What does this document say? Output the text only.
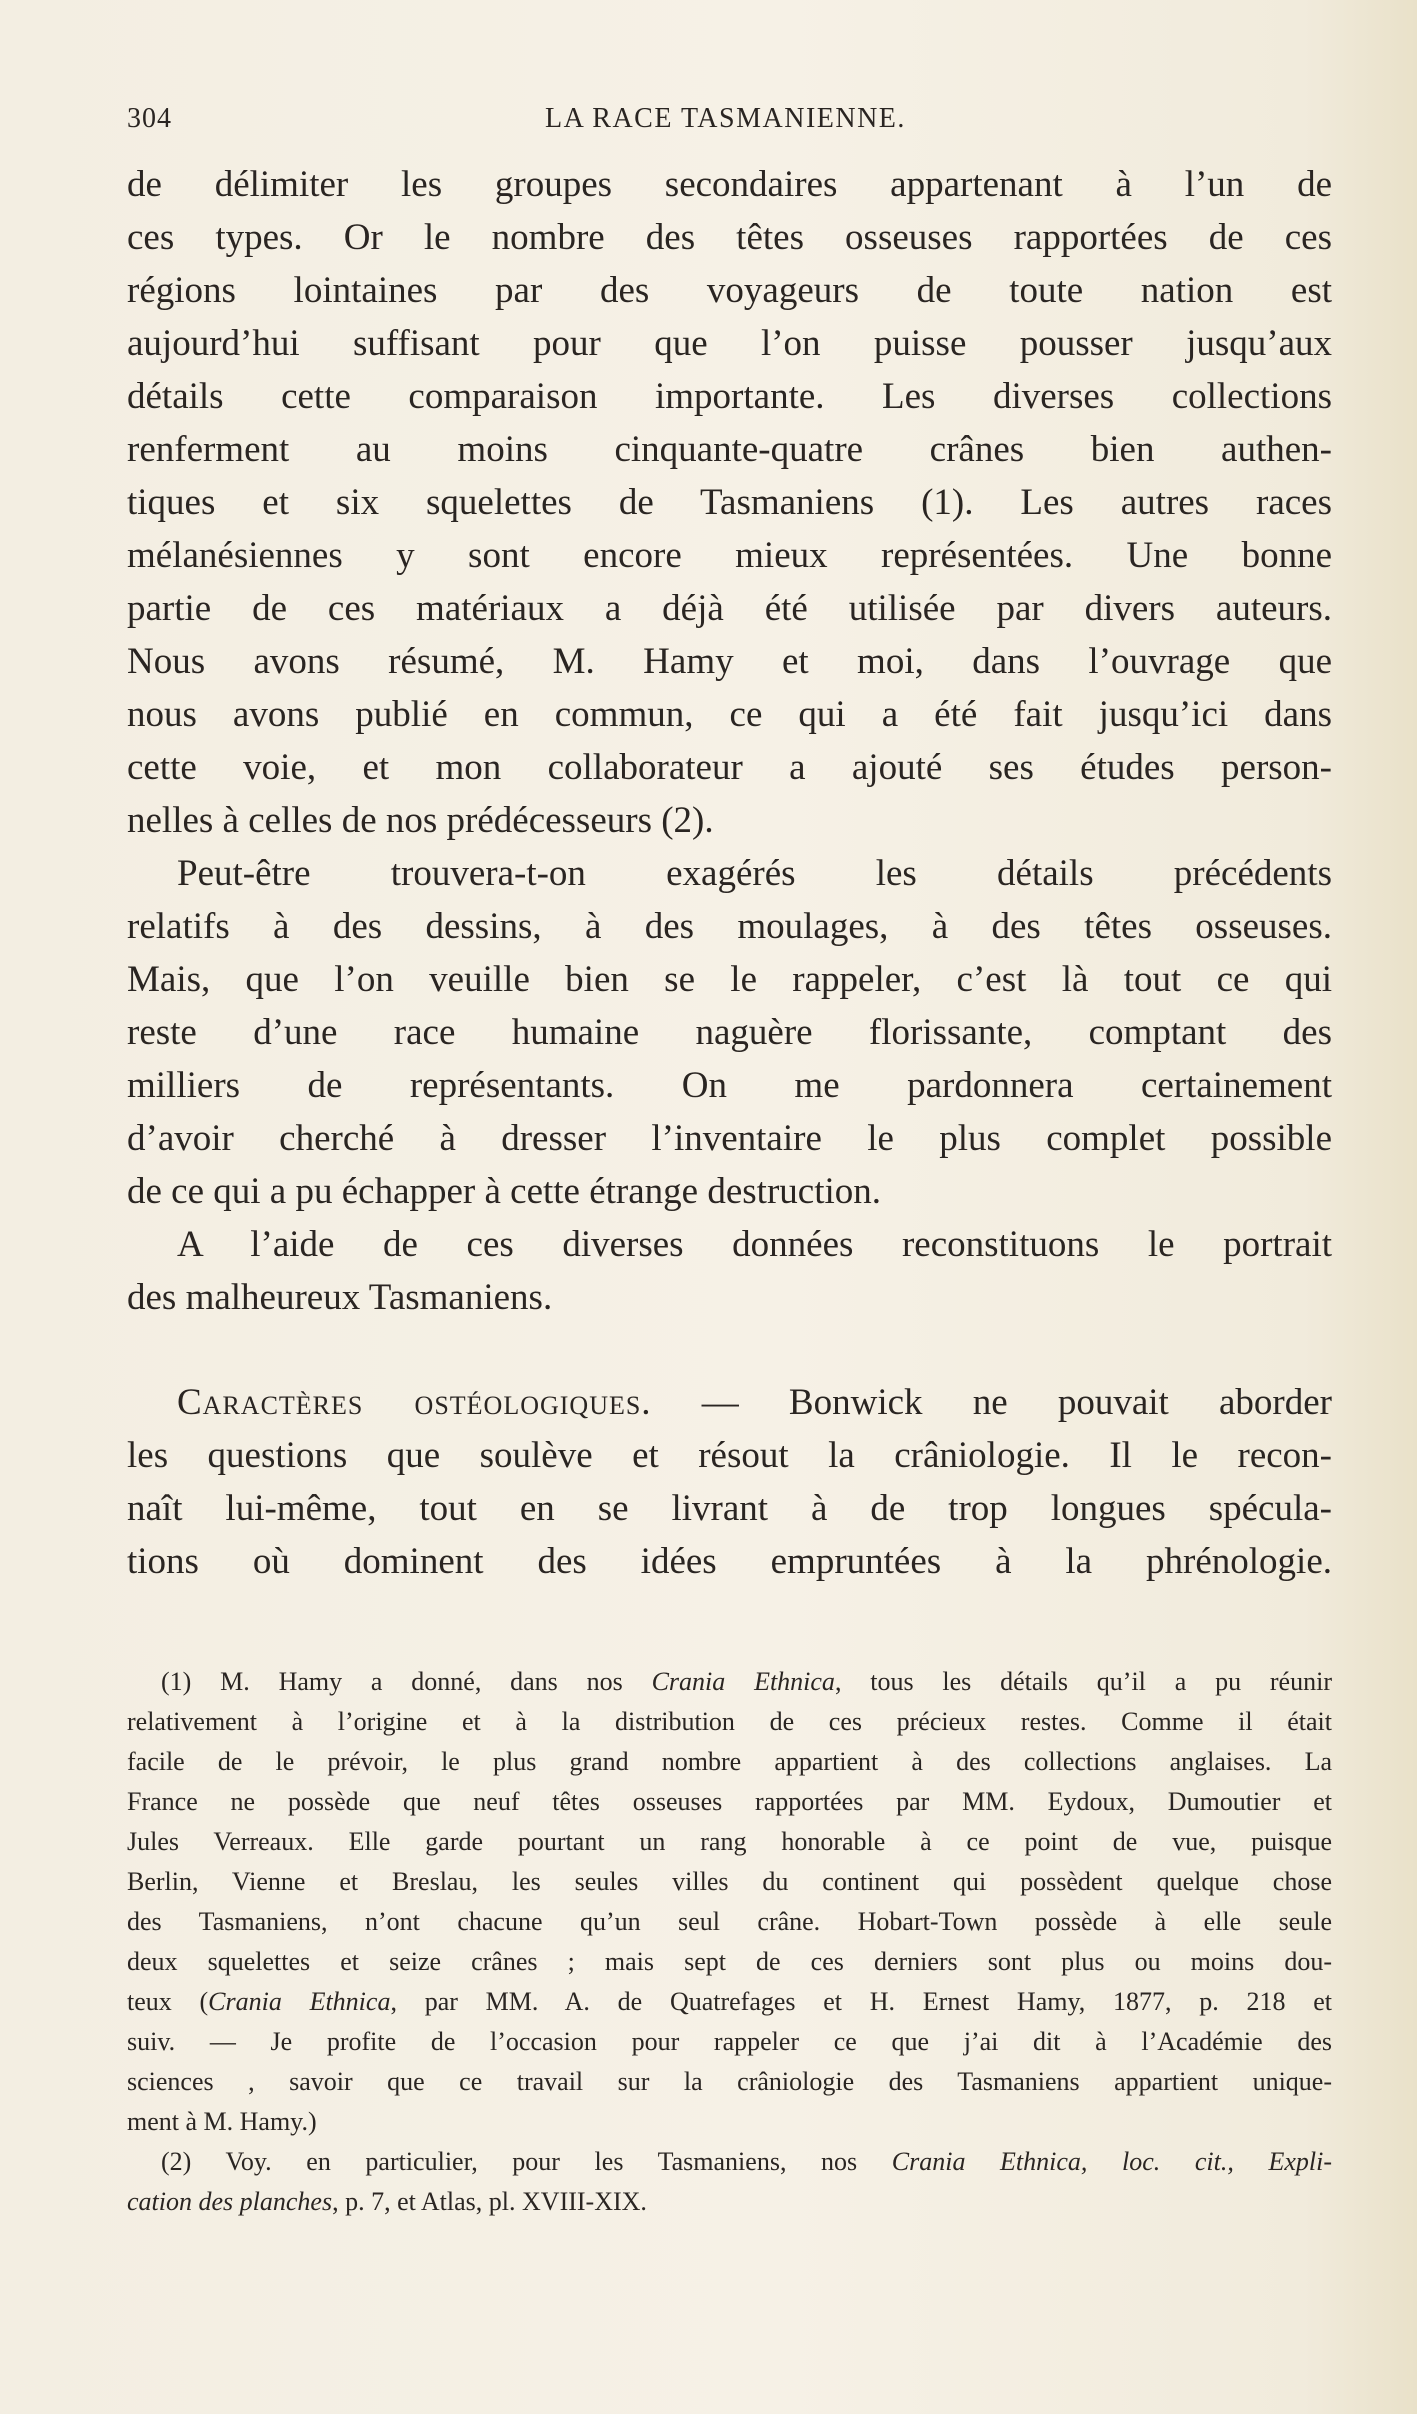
304	LA RACE TASMANIENNE.
de délimiter les groupes secondaires appartenant à l’un de
ces types. Or le nombre des têtes osseuses rapportées de ces
régions lointaines par des voyageurs de toute nation est
aujourd’hui suffisant pour que l’on puisse pousser jusqu’aux
détails cette comparaison importante. Les diverses collections
renferment au moins cinquante-quatre crânes bien authen-
tiques et six squelettes de Tasmaniens (1). Les autres races
mélanésiennes y sont encore mieux représentées. Une bonne
partie de ces matériaux a déjà été utilisée par divers auteurs.
Nous avons résumé, M. Hamy et moi, dans l’ouvrage que
nous avons publié en commun, ce qui a été fait jusqu’ici dans
cette voie, et mon collaborateur a ajouté ses études person-
nelles à celles de nos prédécesseurs (2).
Peut-être trouvera-t-on exagérés les détails précédents
relatifs à des dessins, à des moulages, à des têtes osseuses.
Mais, que l’on veuille bien se le rappeler, c’est là tout ce qui
reste d’une race humaine naguère florissante, comptant des
milliers de représentants. On me pardonnera certainement
d’avoir cherché à dresser l’inventaire le plus complet possible
de ce qui a pu échapper à cette étrange destruction.
A l’aide de ces diverses données reconstituons le portrait
des malheureux Tasmaniens.
Caractères ostéologiques. — Bonwick ne pouvait aborder
les questions que soulève et résout la crâniologie. Il le recon-
naît lui-même, tout en se livrant à de trop longues spécula-
tions où dominent des idées empruntées à la phrénologie.
(1) M. Hamy a donné, dans nos Crania Ethnica, tous les détails qu’il a pu réunir
relativement à l’origine et à la distribution de ces précieux restes. Comme il était
facile de le prévoir, le plus grand nombre appartient à des collections anglaises. La
France ne possède que neuf têtes osseuses rapportées par MM. Eydoux, Dumoutier et
Jules Verreaux. Elle garde pourtant un rang honorable à ce point de vue, puisque
Berlin, Vienne et Breslau, les seules villes du continent qui possèdent quelque chose
des Tasmaniens, n’ont chacune qu’un seul crâne. Hobart-Town possède à elle seule
deux squelettes et seize crânes ; mais sept de ces derniers sont plus ou moins dou-
teux (Crania Ethnica, par MM. A. de Quatrefages et H. Ernest Hamy, 1877, p. 218 et
suiv. — Je profite de l’occasion pour rappeler ce que j’ai dit à l’Académie des
sciences , savoir que ce travail sur la crâniologie des Tasmaniens appartient unique-
ment à M. Hamy.)
(2) Voy. en particulier, pour les Tasmaniens, nos Crania Ethnica, loc. cit., Expli-
cation des planches, p. 7, et Atlas, pl. XVIII-XIX.
